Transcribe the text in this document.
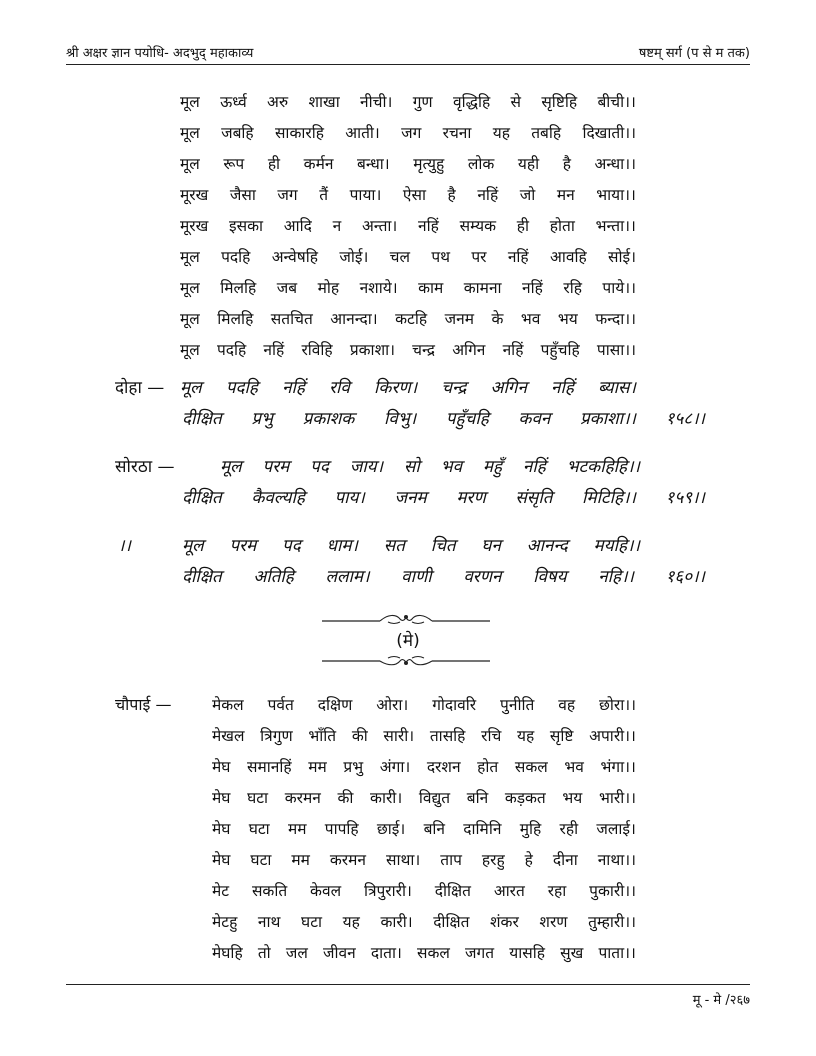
श्री अक्षर ज्ञान पयोधि- अदभुद् महाकाव्य	षष्टम् सर्ग (प से म तक)
मूल ऊर्ध्व अरु शाखा नीची। गुण वृद्धिहि से सृष्टिहि बीची।।
मूल जबहि साकारहि आती। जग रचना यह तबहि दिखाती।।
मूल रूप ही कर्मन बन्धा। मृत्युहु लोक यही है अन्धा।।
मूरख जैसा जग तैं पाया। ऐसा है नहिं जो मन भाया।।
मूरख इसका आदि न अन्ता। नहिं सम्यक ही होता भन्ता।।
मूल पदहि अन्वेषहि जोई। चल पथ पर नहिं आवहि सोई।
मूल मिलहि जब मोह नशाये। काम कामना नहिं रहि पाये।।
मूल मिलहि सतचित आनन्दा। कटहि जनम के भव भय फन्दा।।
मूल पदहि नहिं रविहि प्रकाशा। चन्द्र अगिन नहिं पहुँचहि पासा।।
दोहा — मूल पदहि नहिं रवि किरण। चन्द्र अगिन नहिं ब्यास।
दीक्षित प्रभु प्रकाशक विभु। पहुँचहि कवन प्रकाशा।। १५८।।
सोरठा —	मूल परम पद जाय। सो भव महुँ नहिं भटकहिहि।।
दीक्षित कैवल्यहि पाय। जनम मरण संसृति मिटिहि।। १५९।।
।।	मूल परम पद धाम। सत चित घन आनन्द मयहि।।
दीक्षित अतिहि ललाम। वाणी वरणन विषय नहि।। १६०।।
(मे)
चौपाई —	मेकल पर्वत दक्षिण ओरा। गोदावरि पुनीति वह छोरा।।
मेखल त्रिगुण भाँति की सारी। तासहि रचि यह सृष्टि अपारी।।
मेघ समानहिं मम प्रभु अंगा। दरशन होत सकल भव भंगा।।
मेघ घटा करमन की कारी। विद्युत बनि कड़कत भय भारी।।
मेघ घटा मम पापहि छाई। बनि दामिनि मुहि रही जलाई।
मेघ घटा मम करमन साथा। ताप हरहु हे दीना नाथा।।
मेट सकति केवल त्रिपुरारी। दीक्षित आरत रहा पुकारी।।
मेटहु नाथ घटा यह कारी। दीक्षित शंकर शरण तुम्हारी।।
मेघहि तो जल जीवन दाता। सकल जगत यासहि सुख पाता।।
मू - मे /२६७
